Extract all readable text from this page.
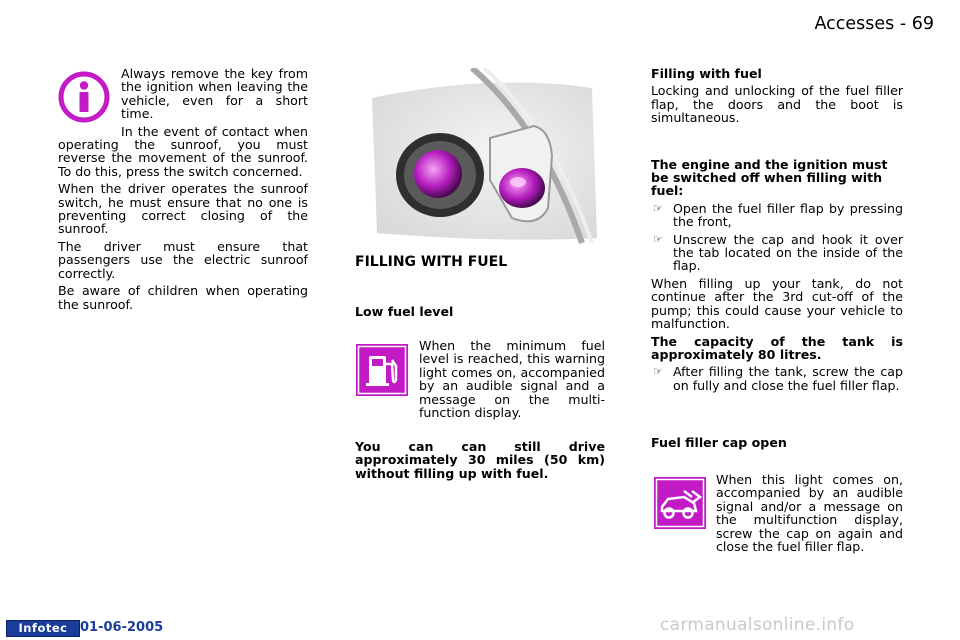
Accesses - 69

Always remove the key from the ignition when leaving the vehicle, even for a short time.

In the event of contact when operating the sunroof, you must reverse the movement of the sunroof. To do this, press the switch concerned.

When the driver operates the sunroof switch, he must ensure that no one is preventing correct closing of the sunroof.

The driver must ensure that passengers use the electric sunroof correctly.

Be aware of children when operating the sunroof.

FILLING WITH FUEL
Low fuel level

When the minimum fuel level is reached, this warning light comes on, accompanied by an audible signal and a message on the multi-function display.

You can can still drive approximately 30 miles (50 km) without filling up with fuel.

Filling with fuel

Locking and unlocking of the fuel filler flap, the doors and the boot is simultaneous.

The engine and the ignition must be switched off when filling with fuel:

☞ Open the fuel filler flap by pressing the front,

☞ Unscrew the cap and hook it over the tab located on the inside of the flap.

When filling up your tank, do not continue after the 3rd cut-off of the pump; this could cause your vehicle to malfunction.

The capacity of the tank is approximately 80 litres.

☞ After filling the tank, screw the cap on fully and close the fuel filler flap.

Fuel filler cap open

When this light comes on, accompanied by an audible signal and/or a message on the multifunction display, screw the cap on again and close the fuel filler flap.

Infotec 01-06-2005	carmanualsonline.info
